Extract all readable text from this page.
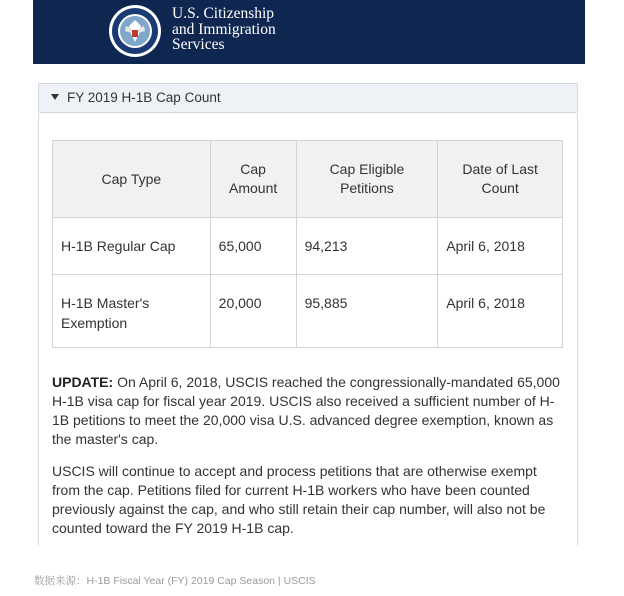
U.S. Citizenship
and Immigration
Services
FY 2019 H-1B Cap Count
Cap Type	Cap Amount	Cap Eligible Petitions	Date of Last Count
H-1B Regular Cap	65,000	94,213	April 6, 2018
H-1B Master's Exemption	20,000	95,885	April 6, 2018

UPDATE: On April 6, 2018, USCIS reached the congressionally-mandated 65,000 H-1B visa cap for fiscal year 2019. USCIS also received a sufficient number of H-1B petitions to meet the 20,000 visa U.S. advanced degree exemption, known as the master's cap.

USCIS will continue to accept and process petitions that are otherwise exempt from the cap. Petitions filed for current H-1B workers who have been counted previously against the cap, and who still retain their cap number, will also not be counted toward the FY 2019 H-1B cap.

数据来源：H-1B Fiscal Year (FY) 2019 Cap Season | USCIS
